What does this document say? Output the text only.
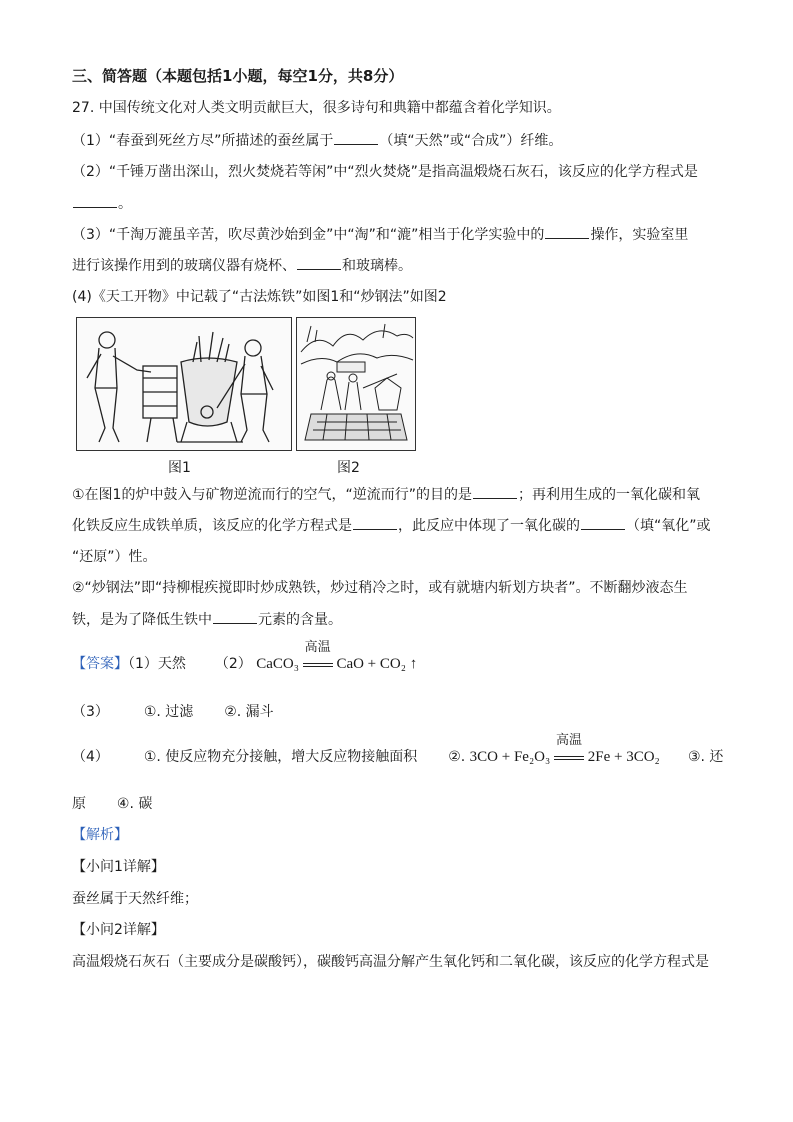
三、简答题（本题包括1小题，每空1分，共8分）
27. 中国传统文化对人类文明贡献巨大，很多诗句和典籍中都蕴含着化学知识。
（1）“春蚕到死丝方尽”所描述的蚕丝属于	（填“天然”或“合成”）纤维。
（2）“千锤万凿出深山，烈火焚烧若等闲”中“烈火焚烧”是指高温煅烧石灰石，该反应的化学方程式是
。
（3）“千淘万漉虽辛苦，吹尽黄沙始到金”中“淘”和“漉”相当于化学实验中的	操作，实验室里
进行该操作用到的玻璃仪器有烧杯、	和玻璃棒。
(4)《天工开物》中记载了“古法炼铁”如图1和“炒钢法”如图2
图1	图2
①在图1的炉中鼓入与矿物逆流而行的空气，“逆流而行”的目的是	；再利用生成的一氧化碳和氧
化铁反应生成铁单质，该反应的化学方程式是	，此反应中体现了一氧化碳的	（填“氧化”或
“还原”）性。
②“炒钢法”即“持柳棍疾搅即时炒成熟铁，炒过稍冷之时，或有就塘内斩划方块者”。不断翻炒液态生
铁，是为了降低生铁中	元素的含量。
【答案】（1）天然 （2） CaCO₃
高温
CaO + CO₂ ↑
（3） ①. 过滤 ②. 漏斗
（4） ①. 使反应物充分接触，增大反应物接触面积 ②. 3CO + Fe₂O₃
高温
2Fe + 3CO₂ ③. 还
原 ④. 碳
【解析】
【小问1详解】
蚕丝属于天然纤维；
【小问2详解】
高温煅烧石灰石（主要成分是碳酸钙），碳酸钙高温分解产生氧化钙和二氧化碳，该反应的化学方程式是
